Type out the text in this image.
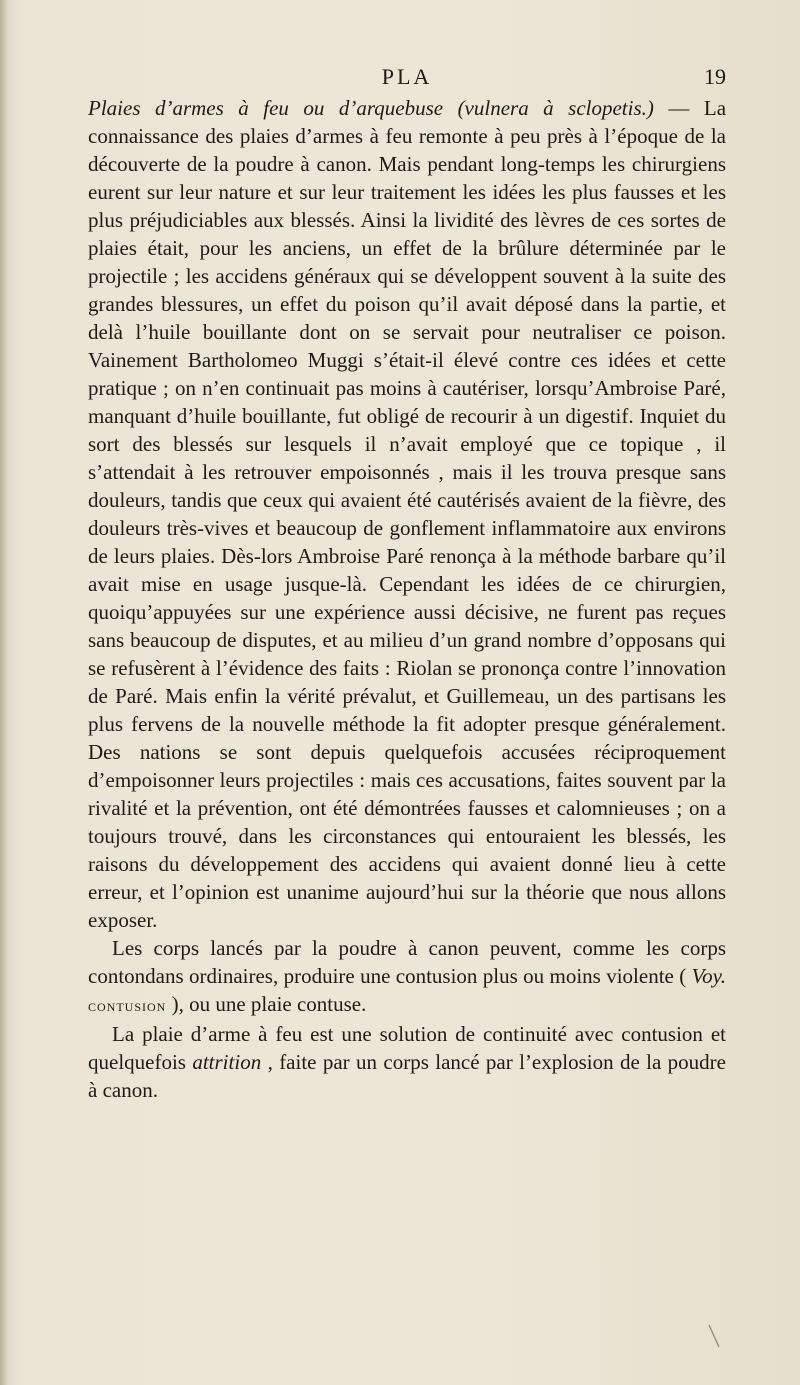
PLA	19

Plaies d’armes à feu ou d’arquebuse (vulnera à sclopetis.) — La connaissance des plaies d’armes à feu remonte à peu près à l’époque de la découverte de la poudre à canon. Mais pendant long-temps les chirurgiens eurent sur leur nature et sur leur traitement les idées les plus fausses et les plus préjudiciables aux blessés. Ainsi la lividité des lèvres de ces sortes de plaies était, pour les anciens, un effet de la brûlure déterminée par le projectile ; les accidens généraux qui se développent souvent à la suite des grandes blessures, un effet du poison qu’il avait déposé dans la partie, et delà l’huile bouillante dont on se servait pour neutraliser ce poison. Vainement Bartholomeo Muggi s’était-il élevé contre ces idées et cette pratique ; on n’en continuait pas moins à cautériser, lorsqu’Ambroise Paré, manquant d’huile bouillante, fut obligé de recourir à un digestif. Inquiet du sort des blessés sur lesquels il n’avait employé que ce topique , il s’attendait à les retrouver empoisonnés , mais il les trouva presque sans douleurs, tandis que ceux qui avaient été cautérisés avaient de la fièvre, des douleurs très-vives et beaucoup de gonflement inflammatoire aux environs de leurs plaies. Dès-lors Ambroise Paré renonça à la méthode barbare qu’il avait mise en usage jusque-là. Cependant les idées de ce chirurgien, quoiqu’appuyées sur une expérience aussi décisive, ne furent pas reçues sans beaucoup de disputes, et au milieu d’un grand nombre d’opposans qui se refusèrent à l’évidence des faits : Riolan se prononça contre l’innovation de Paré. Mais enfin la vérité prévalut, et Guillemeau, un des partisans les plus fervens de la nouvelle méthode la fit adopter presque généralement. Des nations se sont depuis quelquefois accusées réciproquement d’empoisonner leurs projectiles : mais ces accusations, faites souvent par la rivalité et la prévention, ont été démontrées fausses et calomnieuses ; on a toujours trouvé, dans les circonstances qui entouraient les blessés, les raisons du développement des accidens qui avaient donné lieu à cette erreur, et l’opinion est unanime aujourd’hui sur la théorie que nous allons exposer.

Les corps lancés par la poudre à canon peuvent, comme les corps contondans ordinaires, produire une contusion plus ou moins violente ( Voy. contusion ), ou une plaie contuse.

La plaie d’arme à feu est une solution de continuité avec contusion et quelquefois attrition , faite par un corps lancé par l’explosion de la poudre à canon.
